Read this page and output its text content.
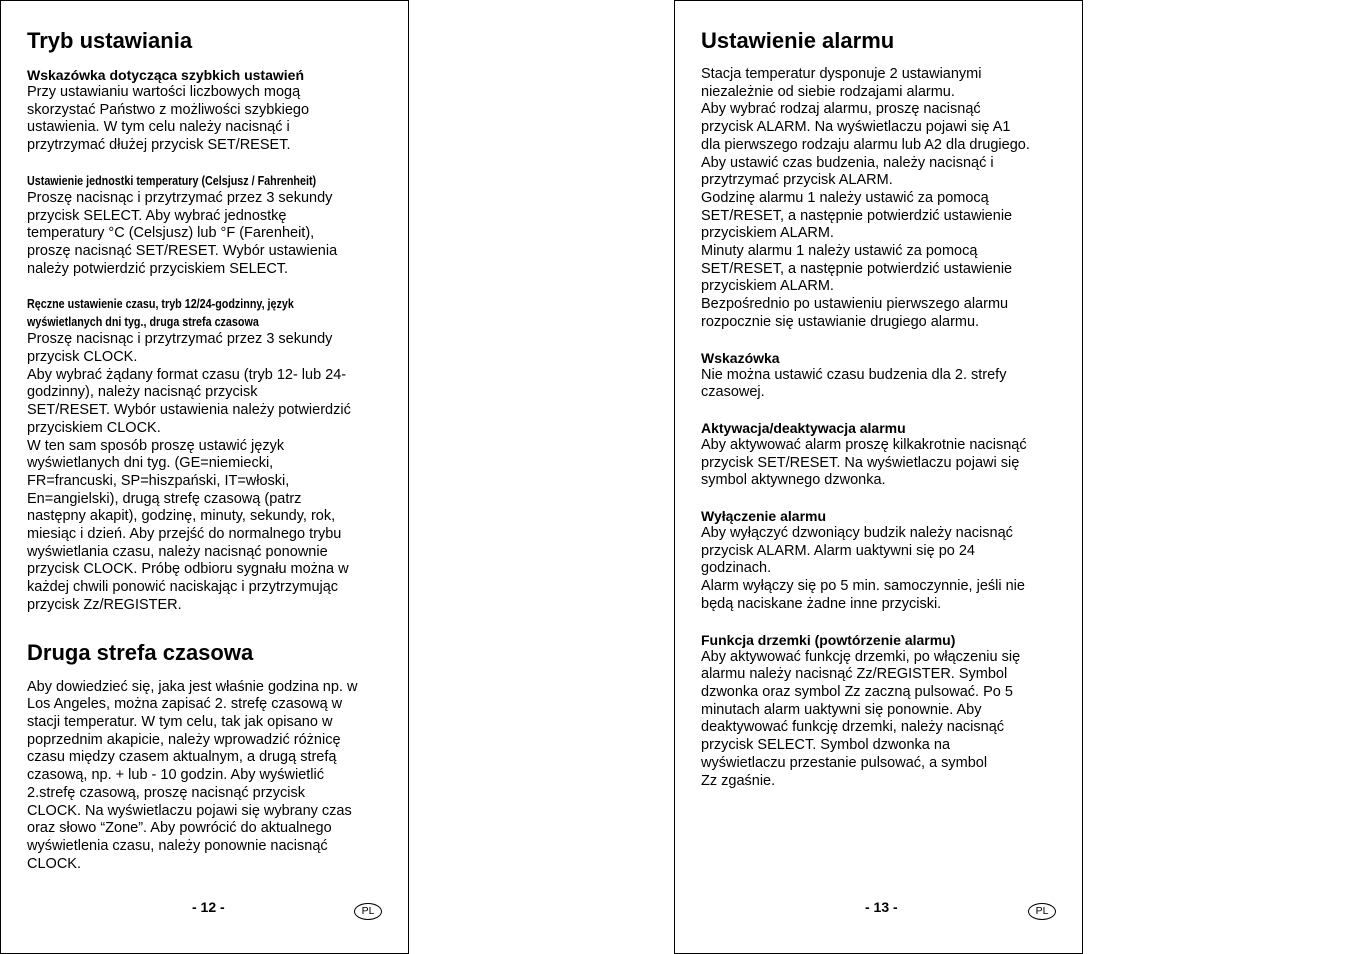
Tryb ustawiania
Wskazówka dotycząca szybkich ustawień

Przy ustawianiu wartości liczbowych mogą
skorzystać Państwo z możliwości szybkiego
ustawienia. W tym celu należy nacisnąć i
przytrzymać dłużej przycisk SET/RESET.

Ustawienie jednostki temperatury (Celsjusz / Fahrenheit)

Proszę nacisnąc i przytrzymać przez 3 sekundy
przycisk SELECT. Aby wybrać jednostkę
temperatury °C (Celsjusz) lub °F (Farenheit),
proszę nacisnąć SET/RESET. Wybór ustawienia
należy potwierdzić przyciskiem SELECT.

Ręczne ustawienie czasu, tryb 12/24-godzinny, język
wyświetlanych dni tyg., druga strefa czasowa

Proszę nacisnąc i przytrzymać przez 3 sekundy
przycisk CLOCK.
Aby wybrać żądany format czasu (tryb 12- lub 24-
godzinny), należy nacisnąć przycisk
SET/RESET. Wybór ustawienia należy potwierdzić
przyciskiem CLOCK.
W ten sam sposób proszę ustawić język
wyświetlanych dni tyg. (GE=niemiecki,
FR=francuski, SP=hiszpański, IT=włoski,
En=angielski), drugą strefę czasową (patrz
następny akapit), godzinę, minuty, sekundy, rok,
miesiąc i dzień. Aby przejść do normalnego trybu
wyświetlania czasu, należy nacisnąć ponownie
przycisk CLOCK. Próbę odbioru sygnału można w
każdej chwili ponowić naciskając i przytrzymując
przycisk Zz/REGISTER.

Druga strefa czasowa

Aby dowiedzieć się, jaka jest właśnie godzina np. w
Los Angeles, można zapisać 2. strefę czasową w
stacji temperatur. W tym celu, tak jak opisano w
poprzednim akapicie, należy wprowadzić różnicę
czasu między czasem aktualnym, a drugą strefą
czasową, np. + lub - 10 godzin. Aby wyświetlić
2.strefę czasową, proszę nacisnąć przycisk
CLOCK. Na wyświetlaczu pojawi się wybrany czas
oraz słowo “Zone”. Aby powrócić do aktualnego
wyświetlenia czasu, należy ponownie nacisnąć
CLOCK.

- 12 -	PL
Ustawienie alarmu

Stacja temperatur dysponuje 2 ustawianymi
niezależnie od siebie rodzajami alarmu.
Aby wybrać rodzaj alarmu, proszę nacisnąć
przycisk ALARM. Na wyświetlaczu pojawi się A1
dla pierwszego rodzaju alarmu lub A2 dla drugiego.
Aby ustawić czas budzenia, należy nacisnąć i
przytrzymać przycisk ALARM.
Godzinę alarmu 1 należy ustawić za pomocą
SET/RESET, a następnie potwierdzić ustawienie
przyciskiem ALARM.
Minuty alarmu 1 należy ustawić za pomocą
SET/RESET, a następnie potwierdzić ustawienie
przyciskiem ALARM.
Bezpośrednio po ustawieniu pierwszego alarmu
rozpocznie się ustawianie drugiego alarmu.

Wskazówka

Nie można ustawić czasu budzenia dla 2. strefy
czasowej.

Aktywacja/deaktywacja alarmu

Aby aktywować alarm proszę kilkakrotnie nacisnąć
przycisk SET/RESET. Na wyświetlaczu pojawi się
symbol aktywnego dzwonka.

Wyłączenie alarmu

Aby wyłączyć dzwoniący budzik należy nacisnąć
przycisk ALARM. Alarm uaktywni się po 24
godzinach.
Alarm wyłączy się po 5 min. samoczynnie, jeśli nie
będą naciskane żadne inne przyciski.

Funkcja drzemki (powtórzenie alarmu)

Aby aktywować funkcję drzemki, po włączeniu się
alarmu należy nacisnąć Zz/REGISTER. Symbol
dzwonka oraz symbol Zz zaczną pulsować. Po 5
minutach alarm uaktywni się ponownie. Aby
deaktywować funkcję drzemki, należy nacisnąć
przycisk SELECT. Symbol dzwonka na
wyświetlaczu przestanie pulsować, a symbol
Zz zgaśnie.

- 13 -	PL
